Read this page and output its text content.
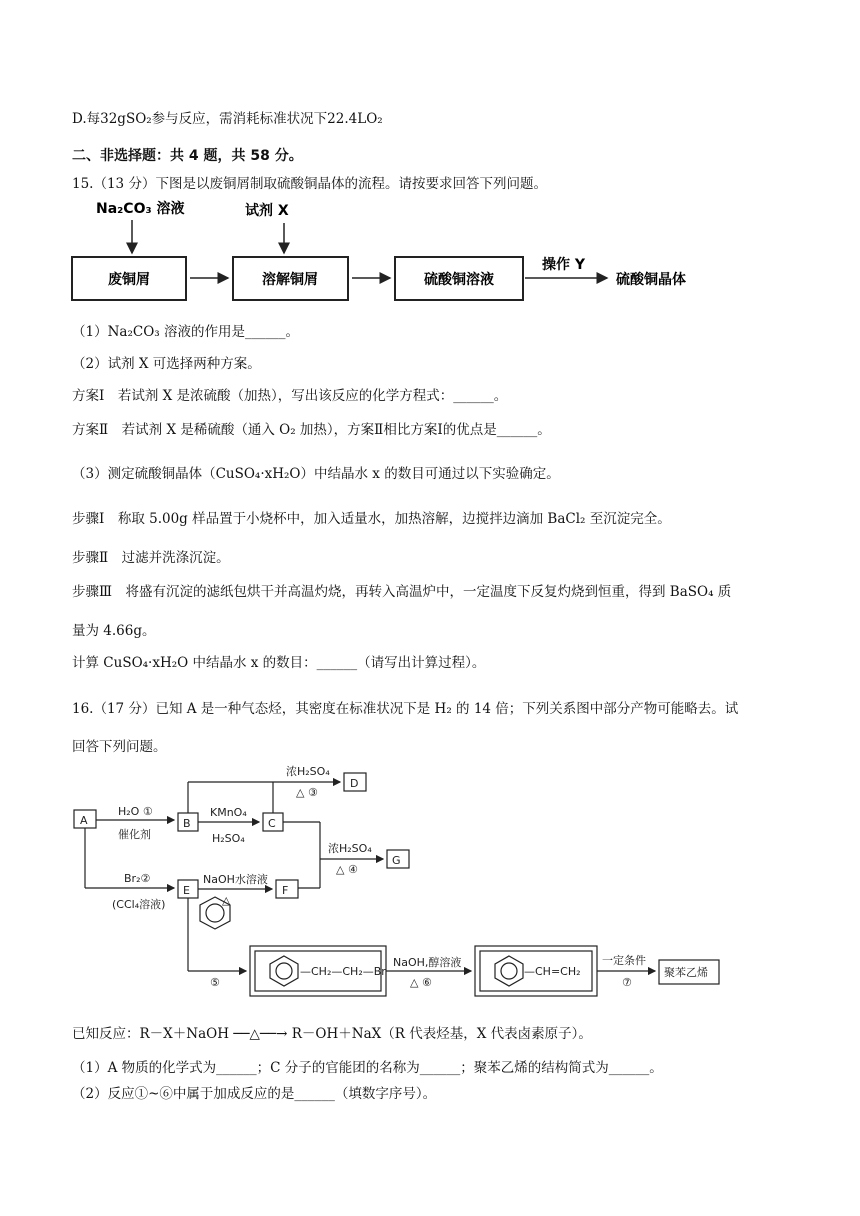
D.每32gSO₂参与反应，需消耗标准状况下22.4LO₂
二、非选择题：共 4 题，共 58 分。
15.（13 分）下图是以废铜屑制取硫酸铜晶体的流程。请按要求回答下列问题。
Na₂CO₃ 溶液	试剂 X
废铜屑	溶解铜屑	硫酸铜溶液
操作 Y
硫酸铜晶体
（1）Na₂CO₃ 溶液的作用是______。
（2）试剂 X 可选择两种方案。
方案Ⅰ　若试剂 X 是浓硫酸（加热），写出该反应的化学方程式：______。
方案Ⅱ　若试剂 X 是稀硫酸（通入 O₂ 加热），方案Ⅱ相比方案Ⅰ的优点是______。
（3）测定硫酸铜晶体（CuSO₄·xH₂O）中结晶水 x 的数目可通过以下实验确定。
步骤Ⅰ　称取 5.00g 样品置于小烧杯中，加入适量水，加热溶解，边搅拌边滴加 BaCl₂ 至沉淀完全。
步骤Ⅱ　过滤并洗涤沉淀。
步骤Ⅲ　将盛有沉淀的滤纸包烘干并高温灼烧，再转入高温炉中，一定温度下反复灼烧到恒重，得到 BaSO₄ 质
量为 4.66g。
计算 CuSO₄·xH₂O 中结晶水 x 的数目：______（请写出计算过程）。
16.（17 分）已知 A 是一种气态烃，其密度在标准状况下是 H₂ 的 14 倍；下列关系图中部分产物可能略去。试
回答下列问题。
A	B	C
D
G
E	F
H₂O ①
催化剂
KMnO₄
H₂SO₄
浓H₂SO₄
△ ③
浓H₂SO₄
△ ④
Br₂②
(CCl₄溶液)
NaOH水溶液
△
⑤
—CH₂—CH₂—Br
NaOH,醇溶液
△ ⑥
—CH=CH₂
一定条件
⑦
聚苯乙烯
已知反应：R－X＋NaOH ──△──→ R－OH＋NaX（R 代表烃基，X 代表卤素原子）。
（1）A 物质的化学式为______；C 分子的官能团的名称为______；聚苯乙烯的结构简式为______。
（2）反应①~⑥中属于加成反应的是______（填数字序号）。
